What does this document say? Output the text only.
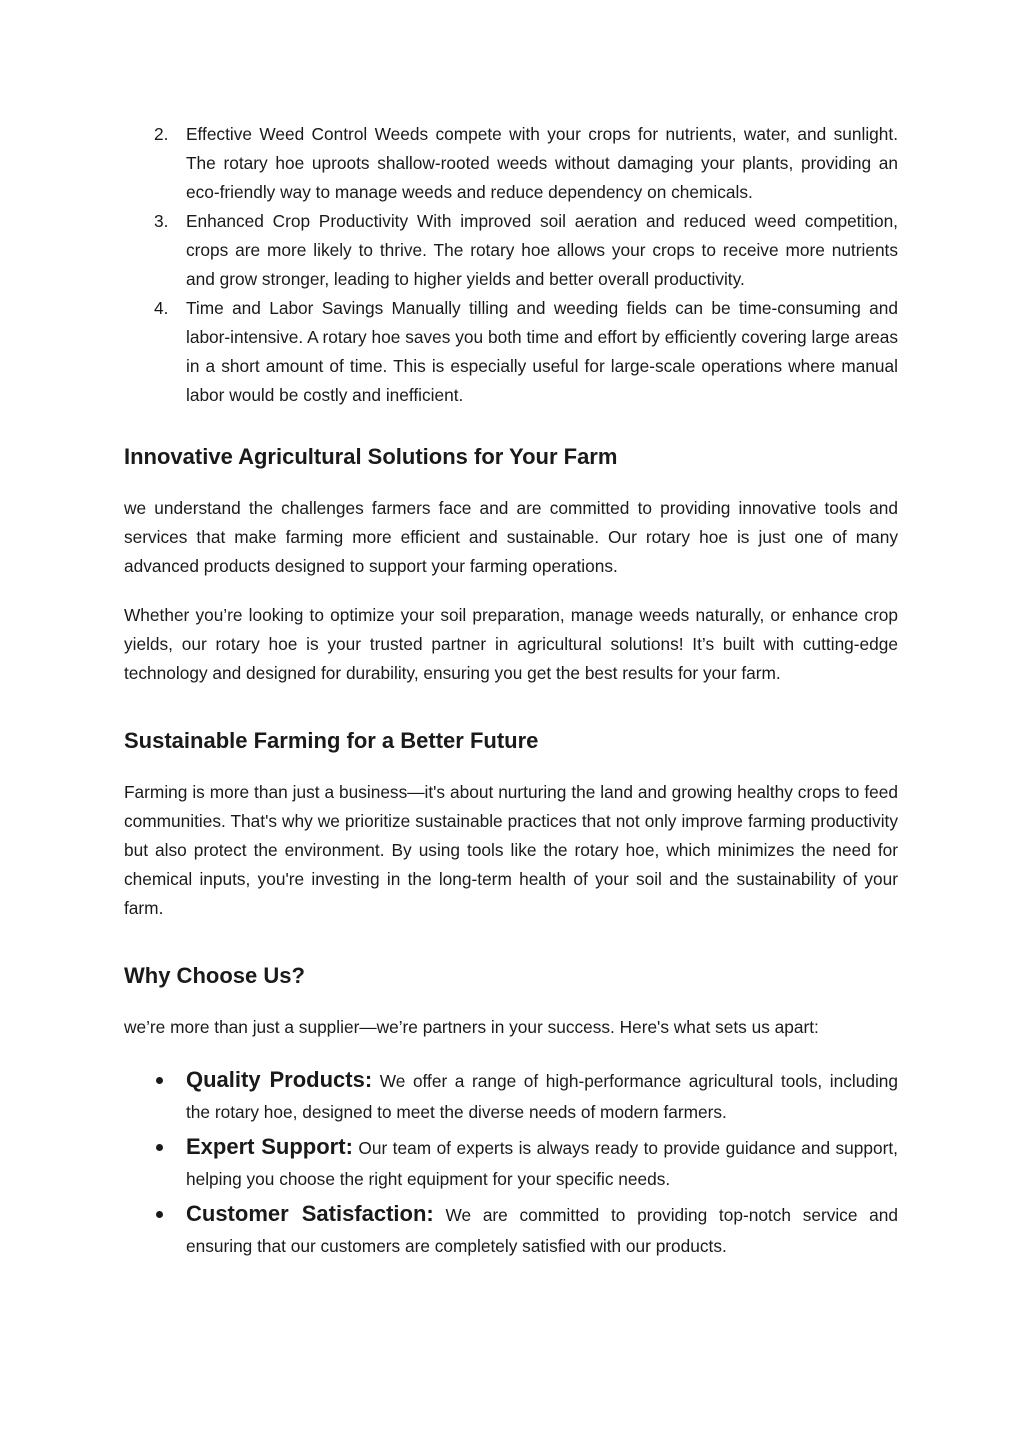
2.	Effective Weed Control Weeds compete with your crops for nutrients, water, and sunlight. The rotary hoe uproots shallow-rooted weeds without damaging your plants, providing an eco-friendly way to manage weeds and reduce dependency on chemicals.
3.	Enhanced Crop Productivity With improved soil aeration and reduced weed competition, crops are more likely to thrive. The rotary hoe allows your crops to receive more nutrients and grow stronger, leading to higher yields and better overall productivity.
4.	Time and Labor Savings Manually tilling and weeding fields can be time-consuming and labor-intensive. A rotary hoe saves you both time and effort by efficiently covering large areas in a short amount of time. This is especially useful for large-scale operations where manual labor would be costly and inefficient.
Innovative Agricultural Solutions for Your Farm

we understand the challenges farmers face and are committed to providing innovative tools and services that make farming more efficient and sustainable. Our rotary hoe is just one of many advanced products designed to support your farming operations.

Whether you’re looking to optimize your soil preparation, manage weeds naturally, or enhance crop yields, our rotary hoe is your trusted partner in agricultural solutions! It’s built with cutting-edge technology and designed for durability, ensuring you get the best results for your farm.

Sustainable Farming for a Better Future

Farming is more than just a business—it's about nurturing the land and growing healthy crops to feed communities. That's why we prioritize sustainable practices that not only improve farming productivity but also protect the environment. By using tools like the rotary hoe, which minimizes the need for chemical inputs, you're investing in the long-term health of your soil and the sustainability of your farm.

Why Choose Us?

we’re more than just a supplier—we’re partners in your success. Here's what sets us apart:

Quality Products: We offer a range of high-performance agricultural tools, including the rotary hoe, designed to meet the diverse needs of modern farmers.
Expert Support: Our team of experts is always ready to provide guidance and support, helping you choose the right equipment for your specific needs.
Customer Satisfaction: We are committed to providing top-notch service and ensuring that our customers are completely satisfied with our products.
